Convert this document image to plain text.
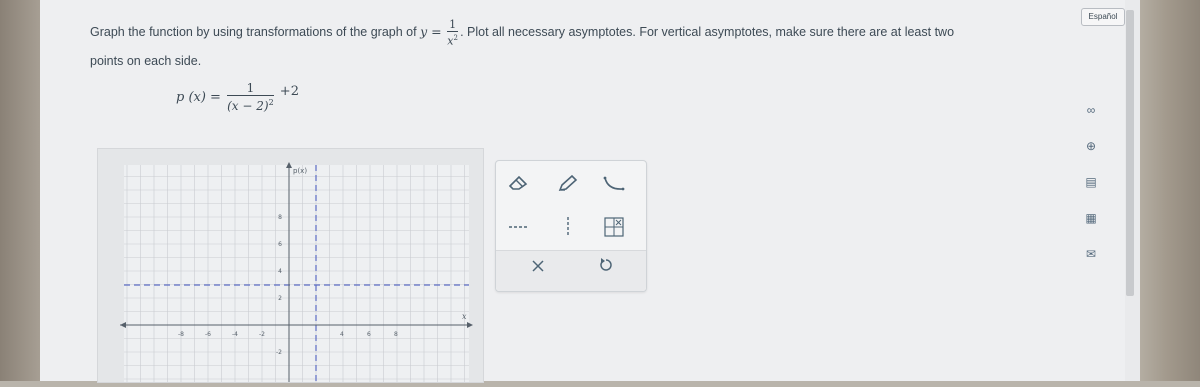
Graph the function by using transformations of the graph of $y = \frac{1}{x^2}$ . Plot all necessary asymptotes. For vertical asymptotes, make sure there are at least two
points on each side.
p $(x) = \frac{1}{(x - 2)^2} +2$
Español
p(x)
x
-8	-6	-4	-2	4	6	8
8
6
4
2
-2
∞
⊕
▤
▦
✉
